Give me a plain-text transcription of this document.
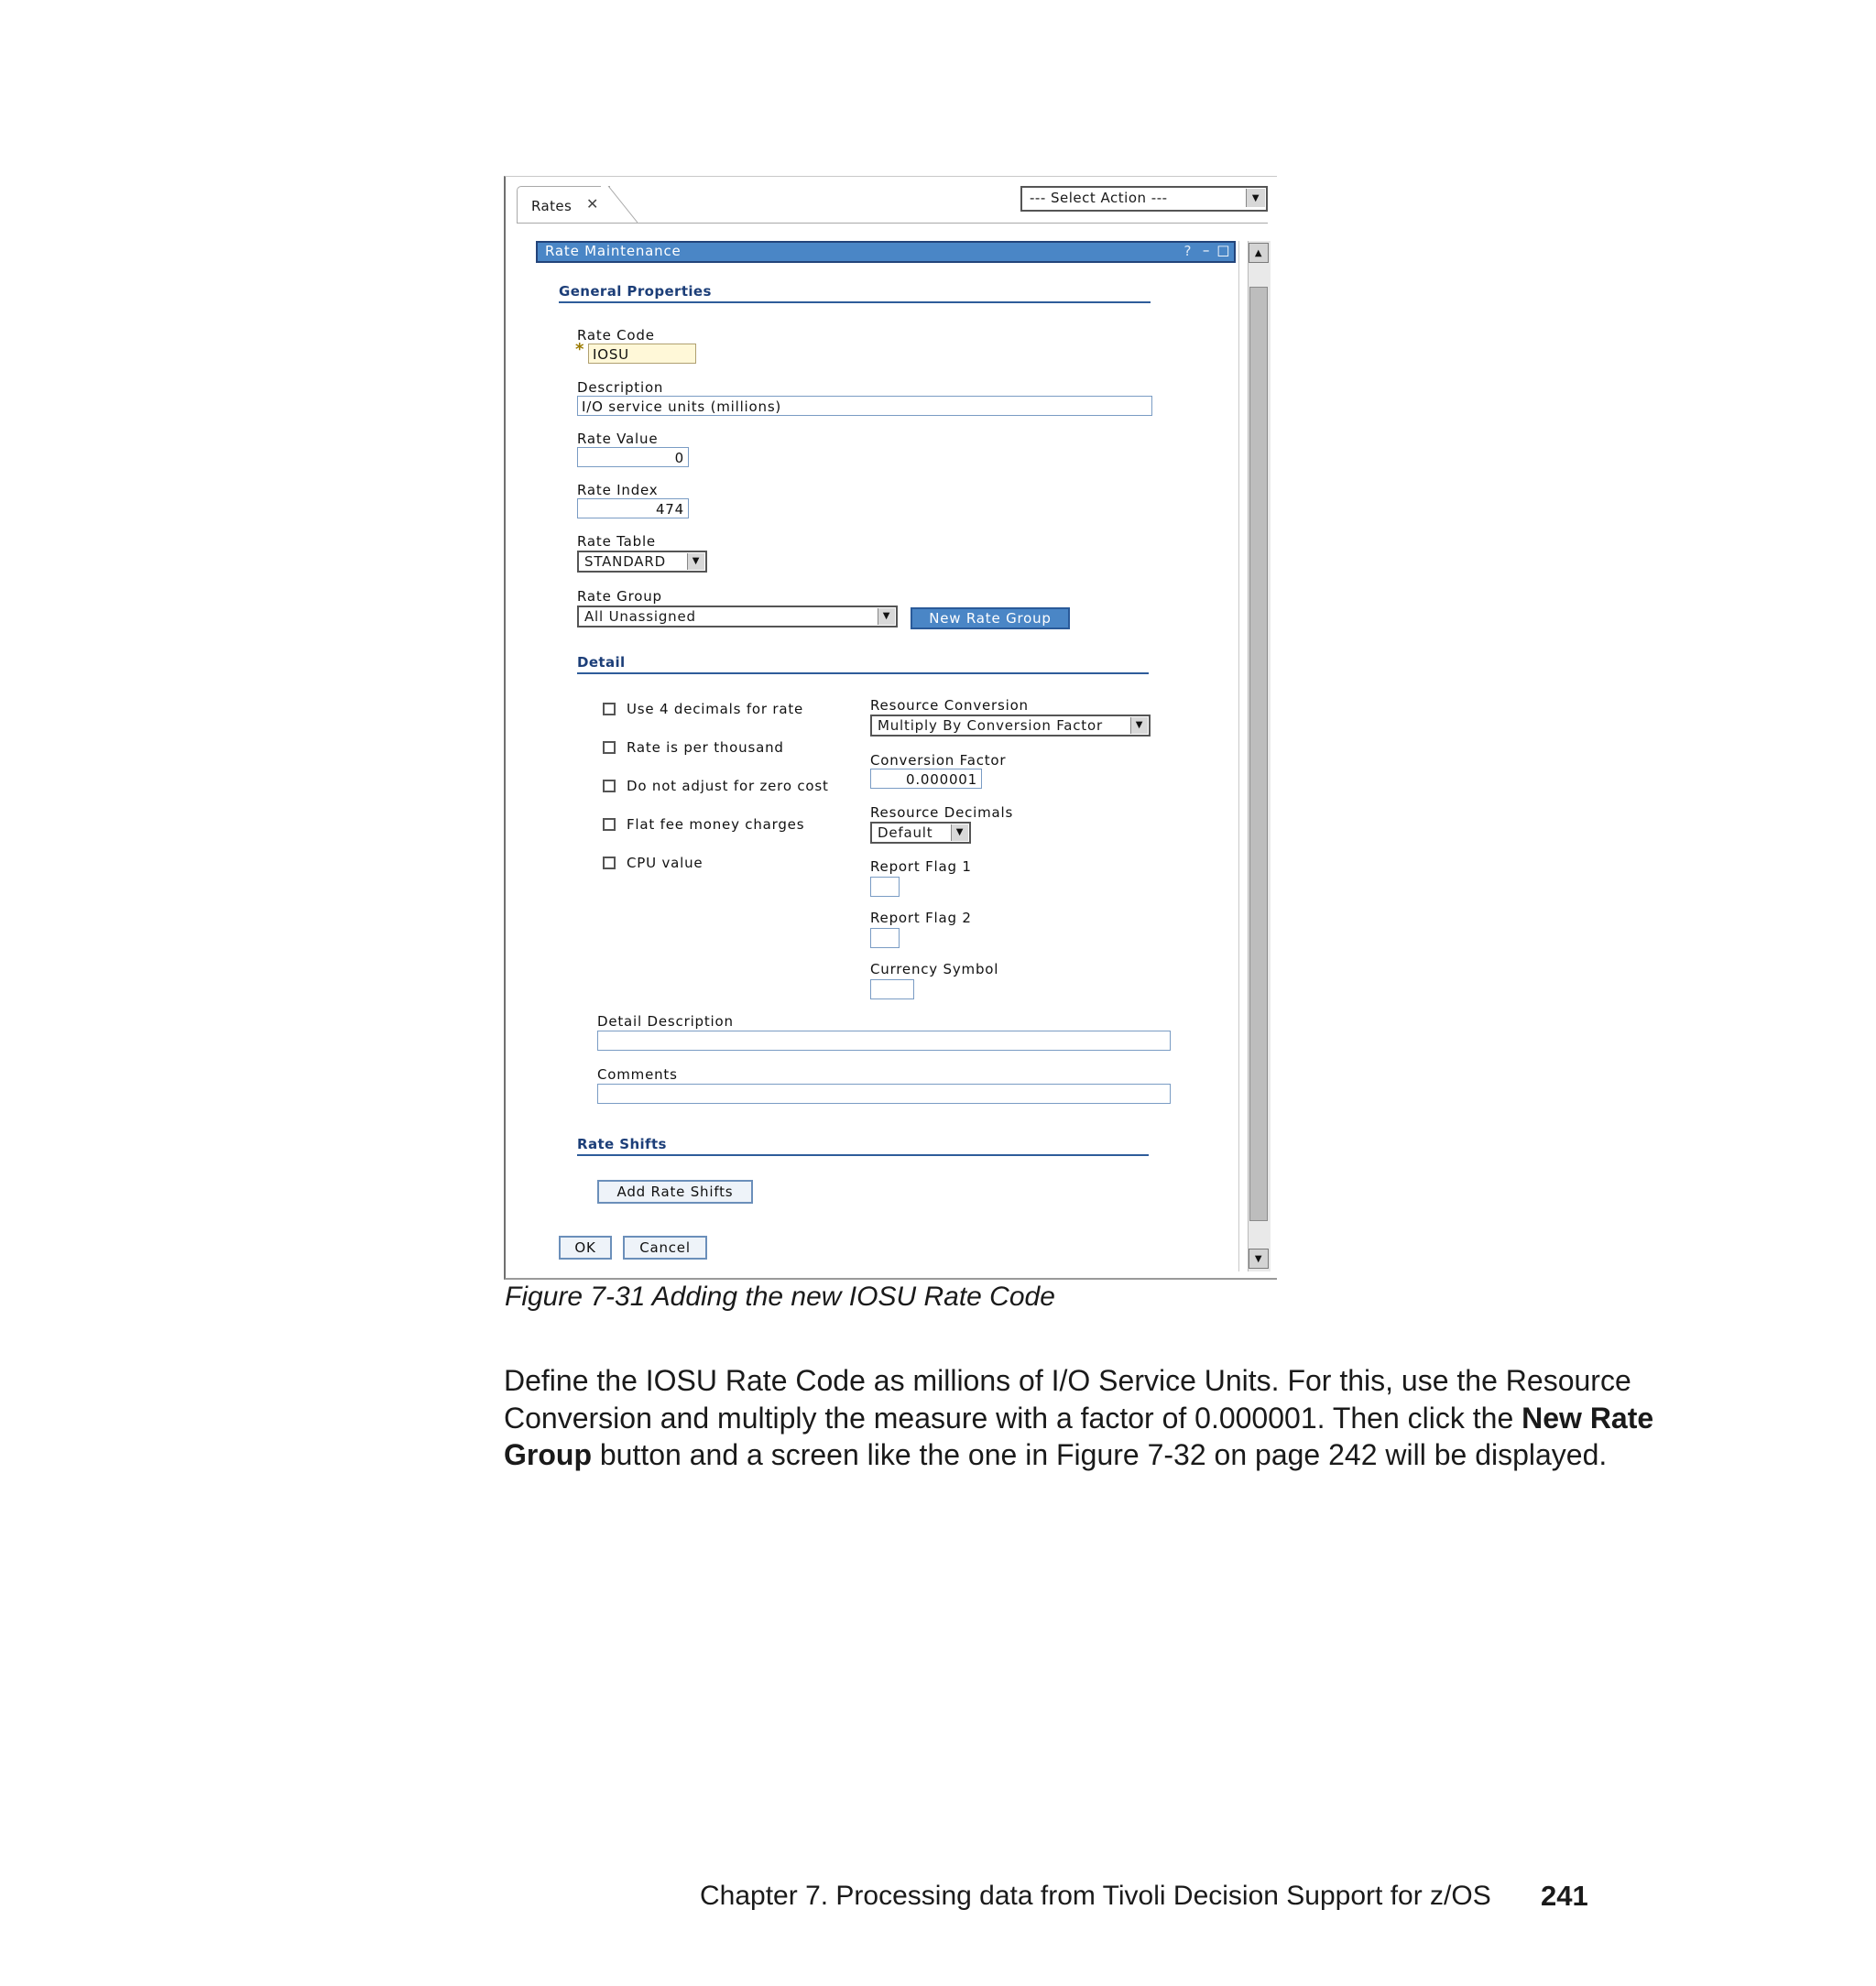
Rates ✕	--- Select Action ---	▼
Rate Maintenance	? – □	▲
▼
General Properties
Rate Code
* IOSU
Description
I/O service units (millions)
Rate Value
0
Rate Index
474
Rate Table
STANDARD	▼
Rate Group
All Unassigned	▼	New Rate Group
Detail
Use 4 decimals for rate
Rate is per thousand
Do not adjust for zero cost
Flat fee money charges
CPU value
Resource Conversion
Multiply By Conversion Factor	▼
Conversion Factor
0.000001
Resource Decimals
Default	▼
Report Flag 1
Report Flag 2
Currency Symbol
Detail Description
Comments
Rate Shifts
Add Rate Shifts
OK	Cancel
Figure 7-31 Adding the new IOSU Rate Code
Define the IOSU Rate Code as millions of I/O Service Units. For this, use the Resource Conversion and multiply the measure with a factor of 0.000001. Then click the New Rate Group button and a screen like the one in Figure 7-32 on page 242 will be displayed.
Chapter 7. Processing data from Tivoli Decision Support for z/OS 241
